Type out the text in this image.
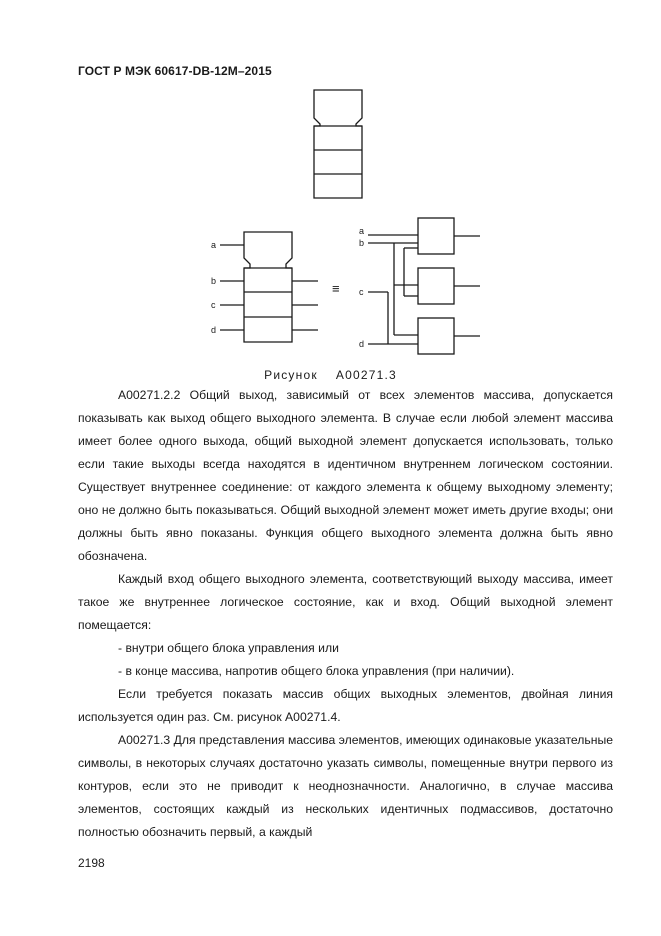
ГОСТ Р МЭК 60617-DB-12M–2015
a
b
c
d
a
b
c
d
≡
Рисунок    A00271.3

A00271.2.2 Общий выход, зависимый от всех элементов массива, допускается показывать как выход общего выходного элемента. В случае если любой элемент массива имеет более одного выхода, общий выходной элемент допускается использовать, только если такие выходы всегда находятся в идентичном внутреннем логическом состоянии. Существует внутреннее соединение: от каждого элемента к общему выходному элементу; оно не должно быть показываться. Общий выходной элемент может иметь другие входы; они должны быть явно показаны. Функция общего выходного элемента должна быть явно обозначена.

Каждый вход общего выходного элемента, соответствующий выходу массива, имеет такое же внутреннее логическое состояние, как и вход. Общий выходной элемент помещается:

- внутри общего блока управления или

- в конце массива, напротив общего блока управления (при наличии).

Если требуется показать массив общих выходных элементов, двойная линия используется один раз. См. рисунок A00271.4.

A00271.3 Для представления массива элементов, имеющих одинаковые указательные символы, в некоторых случаях достаточно указать символы, помещенные внутри первого из контуров, если это не приводит к неоднозначности. Аналогично, в случае массива элементов, состоящих каждый из нескольких идентичных подмассивов, достаточно полностью обозначить первый, а каждый

2198
